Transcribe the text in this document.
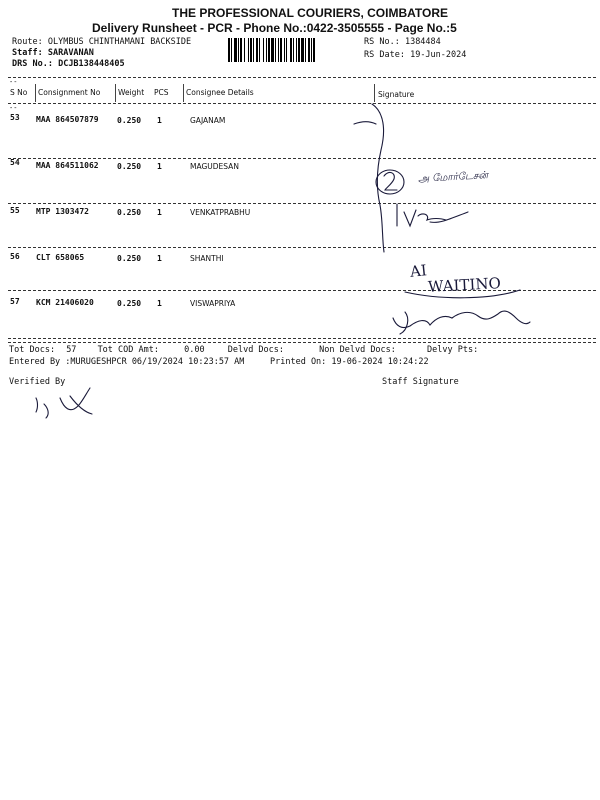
THE PROFESSIONAL COURIERS, COIMBATORE
Delivery Runsheet - PCR - Phone No.:0422-3505555 - Page No.:5
Route: OLYMBUS CHINTHAMANI BACKSIDE
Staff: SARAVANAN
DRS No.: DCJB138448405
RS No.: 1384484
RS Date: 19-Jun-2024
--
S No Consignment No Weight PCS Consignee Details	Signature
--
53 MAA 864507879 0.250 1	GAJANAM
54 MAA 864511062 0.250 1	MAGUDESAN
55 MTP 1303472	0.250 1	VENKATPRABHU
56 CLT 658065	0.250 1	SHANTHI
57 KCM 21406020	0.250 1	VISWAPRIYA
அ மோர்டேசன்
AI
WAITINO
Tot Docs: 57 Tot COD Amt:	0.00	Delvd Docs:	Non Delvd Docs:	Delvy Pts:
Entered By :MURUGESHPCR 06/19/2024 10:23:57 AM	Printed On: 19-06-2024 10:24:22
Verified By	Staff Signature
